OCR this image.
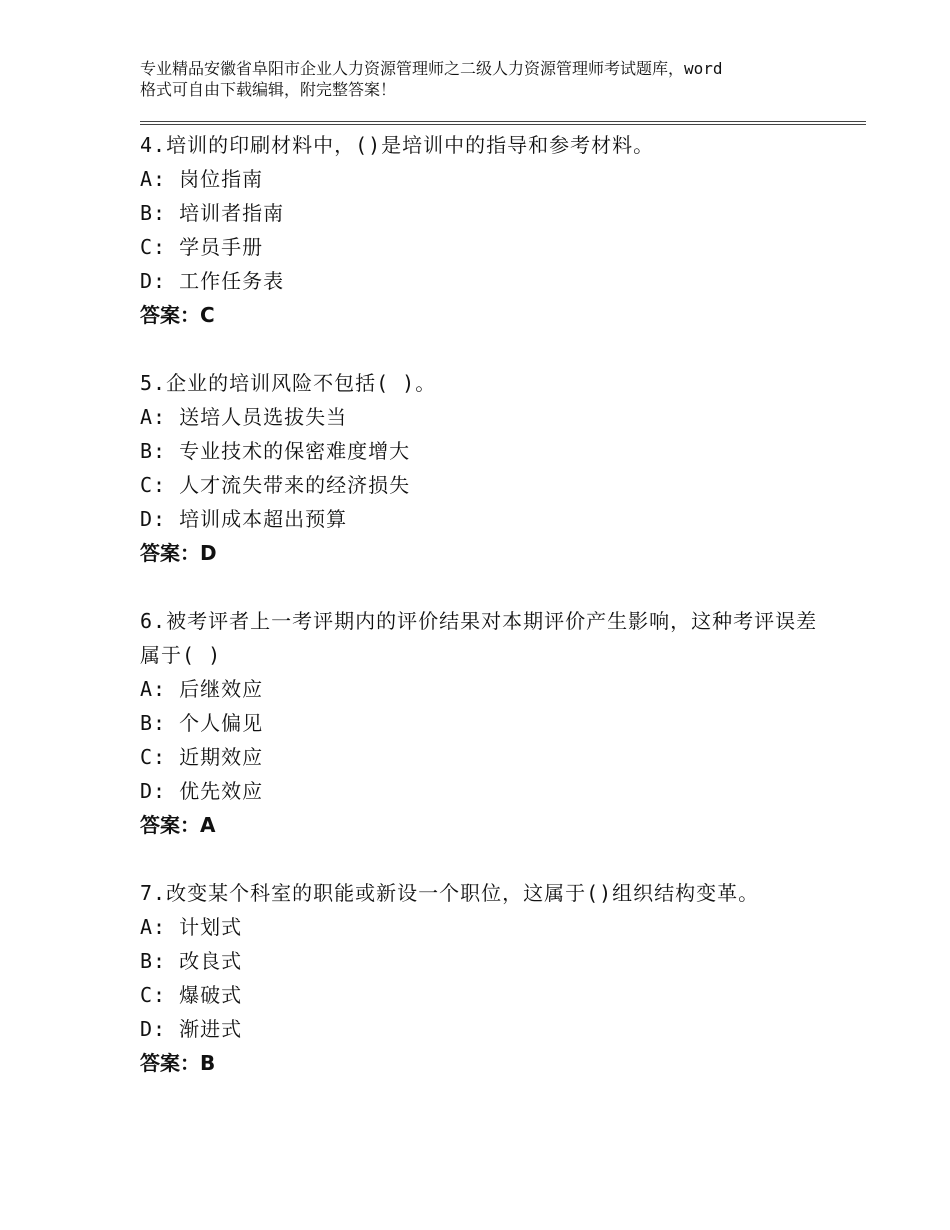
专业精品安徽省阜阳市企业人力资源管理师之二级人力资源管理师考试题库，word
格式可自由下载编辑，附完整答案！
4.培训的印刷材料中，()是培训中的指导和参考材料。
A: 岗位指南
B: 培训者指南
C: 学员手册
D: 工作任务表
答案：C
5.企业的培训风险不包括( )。
A: 送培人员选拔失当
B: 专业技术的保密难度增大
C: 人才流失带来的经济损失
D: 培训成本超出预算
答案：D
6.被考评者上一考评期内的评价结果对本期评价产生影响，这种考评误差属于( )
A: 后继效应
B: 个人偏见
C: 近期效应
D: 优先效应
答案：A
7.改变某个科室的职能或新设一个职位，这属于()组织结构变革。
A: 计划式
B: 改良式
C: 爆破式
D: 渐进式
答案：B
